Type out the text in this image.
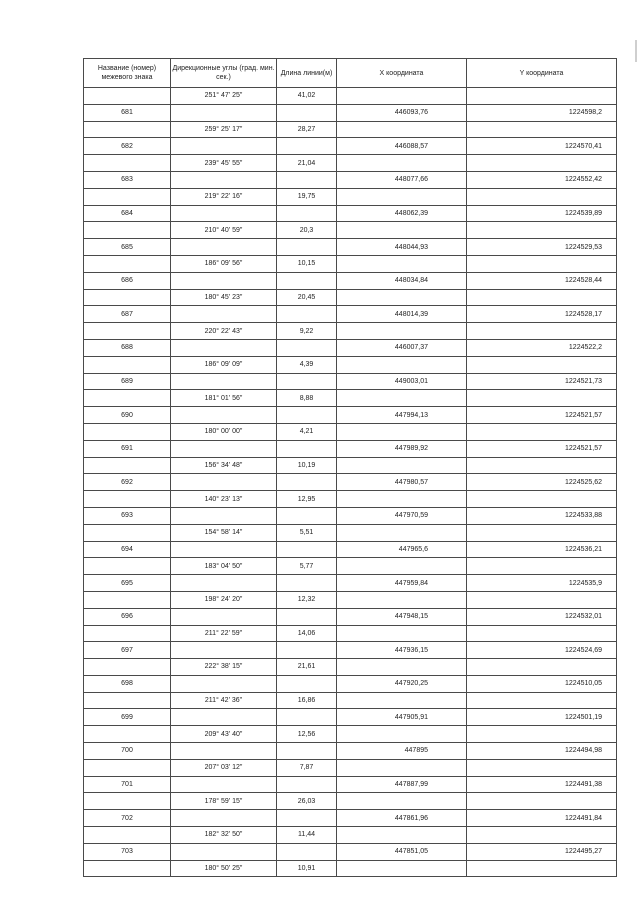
Название (номер) межевого знака	Дирекционные углы (град. мин. сек.)	Длина линии(м)	X координата	Y координата
	251° 47' 25"	41,02		
681			446093,76	1224598,2
	259° 25' 17"	28,27		
682			446088,57	1224570,41
	239° 45' 55"	21,04		
683			448077,66	1224552,42
	219° 22' 16"	19,75		
684			448062,39	1224539,89
	210° 40' 59"	20,3		
685			448044,93	1224529,53
	186° 09' 56"	10,15		
686			448034,84	1224528,44
	180° 45' 23"	20,45		
687			448014,39	1224528,17
	220° 22' 43"	9,22		
688			446007,37	1224522,2
	186° 09' 09"	4,39		
689			449003,01	1224521,73
	181° 01' 56"	8,88		
690			447994,13	1224521,57
	180° 00' 00"	4,21		
691			447989,92	1224521,57
	156° 34' 48"	10,19		
692			447980,57	1224525,62
	140° 23' 13"	12,95		
693			447970,59	1224533,88
	154° 58' 14"	5,51		
694			447965,6	1224536,21
	183° 04' 50"	5,77		
695			447959,84	1224535,9
	198° 24' 20"	12,32		
696			447948,15	1224532,01
	211° 22' 59"	14,06		
697			447936,15	1224524,69
	222° 38' 15"	21,61		
698			447920,25	1224510,05
	211° 42' 36"	16,86		
699			447905,91	1224501,19
	209° 43' 40"	12,56		
700			447895	1224494,98
	207° 03' 12"	7,87		
701			447887,99	1224491,38
	178° 59' 15"	26,03		
702			447861,96	1224491,84
	182° 32' 50"	11,44		
703			447851,05	1224495,27
	180° 50' 25"	10,91		
